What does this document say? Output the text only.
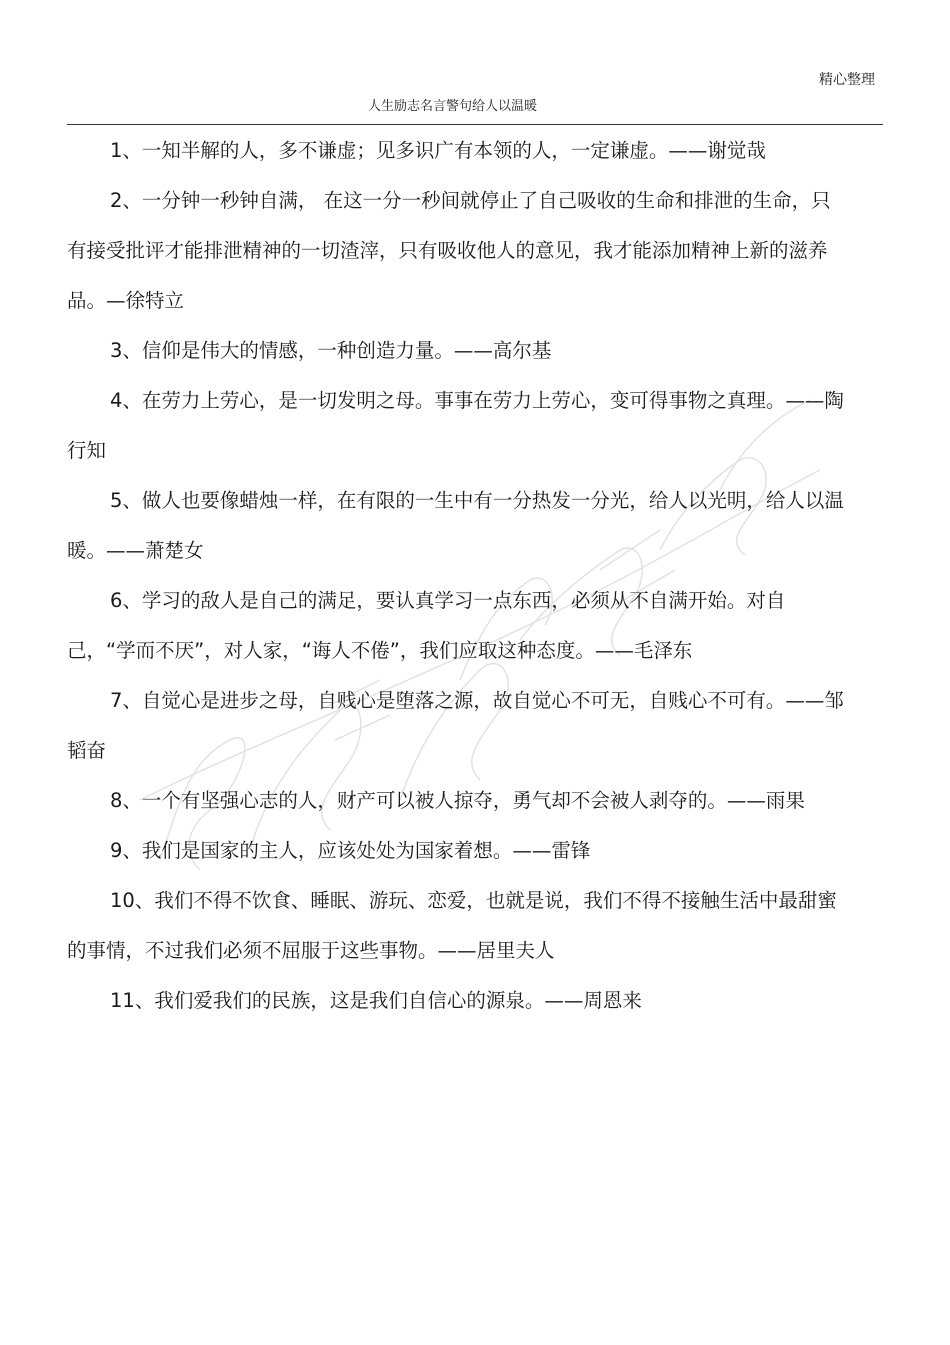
精心整理
人生励志名言警句给人以温暖

1、一知半解的人，多不谦虚；见多识广有本领的人，一定谦虚。——谢觉哉

2、一分钟一秒钟自满， 在这一分一秒间就停止了自己吸收的生命和排泄的生命，只有接受批评才能排泄精神的一切渣滓，只有吸收他人的意见，我才能添加精神上新的滋养品。—徐特立

3、信仰是伟大的情感，一种创造力量。——高尔基

4、在劳力上劳心，是一切发明之母。事事在劳力上劳心，变可得事物之真理。——陶行知

5、做人也要像蜡烛一样，在有限的一生中有一分热发一分光，给人以光明，给人以温暖。——萧楚女

6、学习的敌人是自己的满足，要认真学习一点东西，必须从不自满开始。对自己，“学而不厌”，对人家，“诲人不倦”，我们应取这种态度。——毛泽东

7、自觉心是进步之母，自贱心是堕落之源，故自觉心不可无，自贱心不可有。——邹韬奋

8、一个有坚强心志的人，财产可以被人掠夺，勇气却不会被人剥夺的。——雨果

9、我们是国家的主人，应该处处为国家着想。——雷锋

10、我们不得不饮食、睡眠、游玩、恋爱，也就是说，我们不得不接触生活中最甜蜜的事情，不过我们必须不屈服于这些事物。——居里夫人

11、我们爱我们的民族，这是我们自信心的源泉。——周恩来
